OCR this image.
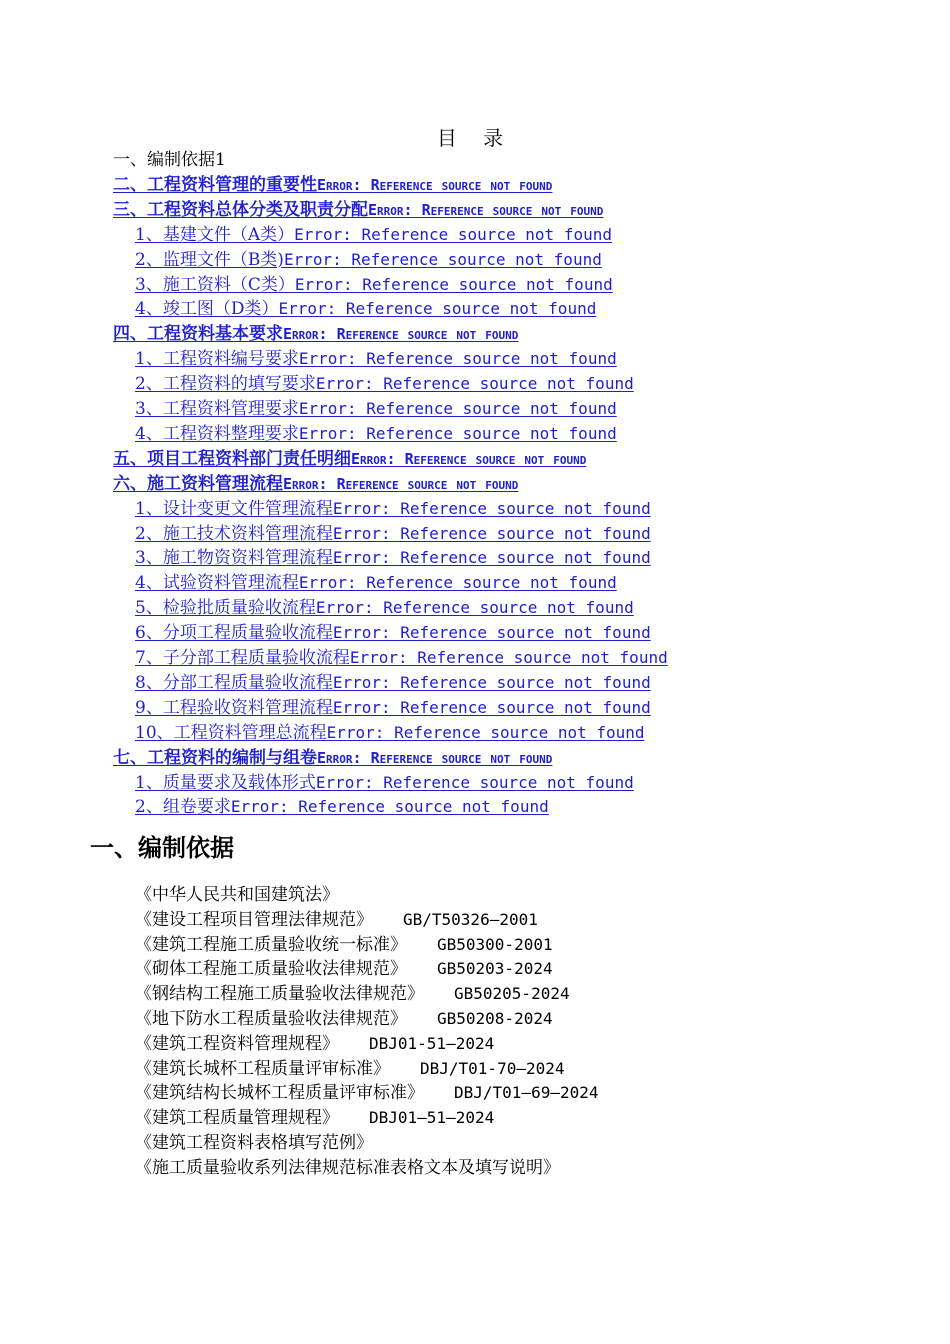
目 录
一、编制依据1
二、工程资料管理的重要性Error: Reference source not found
三、工程资料总体分类及职责分配Error: Reference source not found
1、基建文件（A类）Error: Reference source not found
2、监理文件（B类)Error: Reference source not found
3、施工资料（C类）Error: Reference source not found
4、竣工图（D类）Error: Reference source not found
四、工程资料基本要求Error: Reference source not found
1、工程资料编号要求Error: Reference source not found
2、工程资料的填写要求Error: Reference source not found
3、工程资料管理要求Error: Reference source not found
4、工程资料整理要求Error: Reference source not found
五、项目工程资料部门责任明细Error: Reference source not found
六、施工资料管理流程Error: Reference source not found
1、设计变更文件管理流程Error: Reference source not found
2、施工技术资料管理流程Error: Reference source not found
3、施工物资资料管理流程Error: Reference source not found
4、试验资料管理流程Error: Reference source not found
5、检验批质量验收流程Error: Reference source not found
6、分项工程质量验收流程Error: Reference source not found
7、子分部工程质量验收流程Error: Reference source not found
8、分部工程质量验收流程Error: Reference source not found
9、工程验收资料管理流程Error: Reference source not found
10、工程资料管理总流程Error: Reference source not found
七、工程资料的编制与组卷Error: Reference source not found
1、质量要求及载体形式Error: Reference source not found
2、组卷要求Error: Reference source not found
一、编制依据
《中华人民共和国建筑法》
《建设工程项目管理法律规范》 GB/T50326—2001
《建筑工程施工质量验收统一标准》 GB50300-2001
《砌体工程施工质量验收法律规范》 GB50203-2024
《钢结构工程施工质量验收法律规范》 GB50205-2024
《地下防水工程质量验收法律规范》 GB50208-2024
《建筑工程资料管理规程》 DBJ01-51—2024
《建筑长城杯工程质量评审标准》 DBJ/T01-70—2024
《建筑结构长城杯工程质量评审标准》 DBJ/T01—69—2024
《建筑工程质量管理规程》 DBJ01—51—2024
《建筑工程资料表格填写范例》
《施工质量验收系列法律规范标准表格文本及填写说明》
